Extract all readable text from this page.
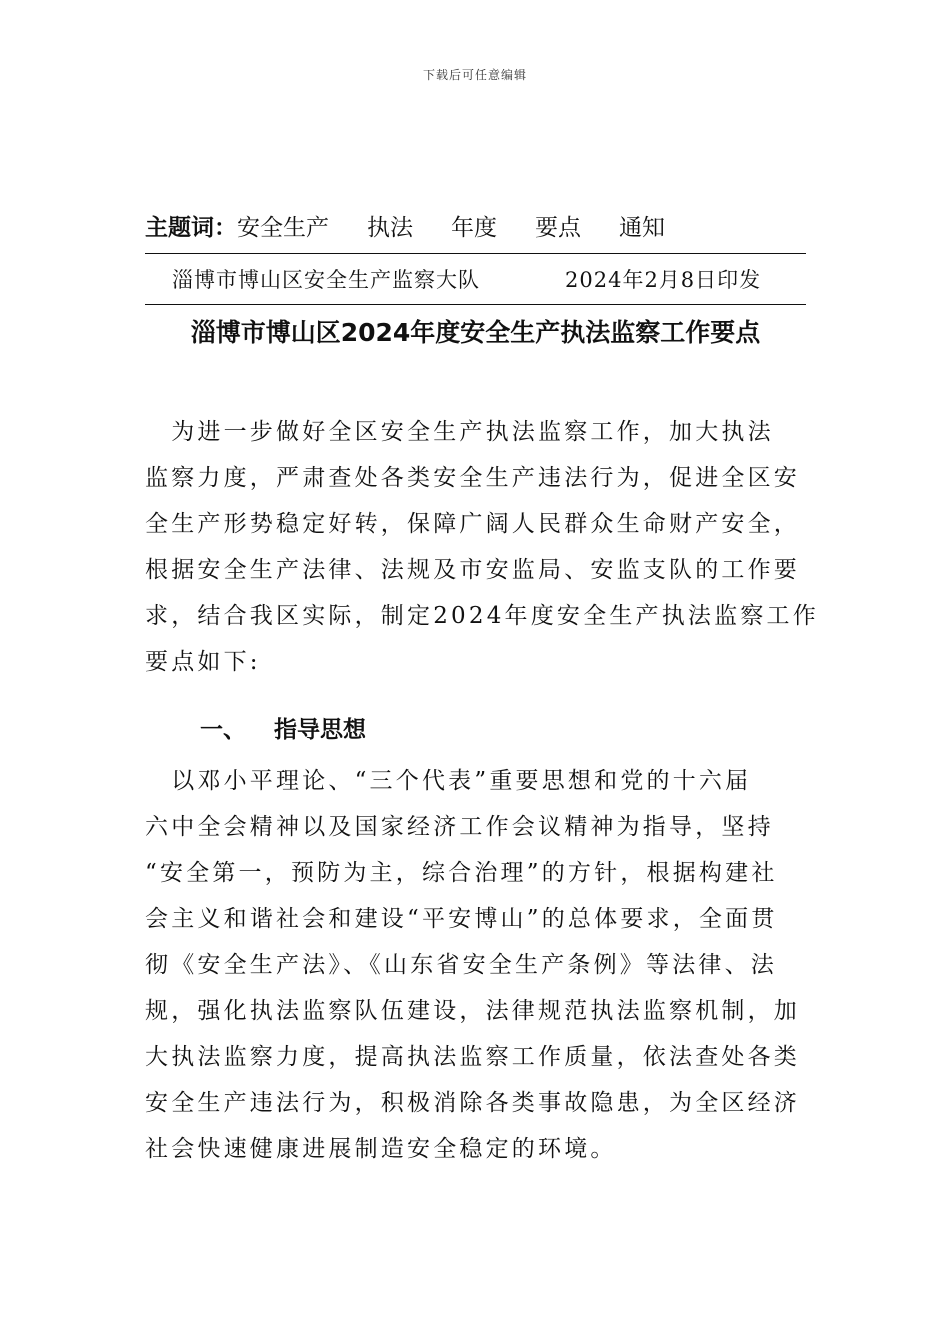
下载后可任意编辑
主题词：安全生产 执法 年度 要点 通知
淄博市博山区安全生产监察大队	2024年2月8日印发
淄博市博山区2024年度安全生产执法监察工作要点
　为进一步做好全区安全生产执法监察工作，加大执法
监察力度，严肃查处各类安全生产违法行为，促进全区安
全生产形势稳定好转，保障广阔人民群众生命财产安全，
根据安全生产法律、法规及市安监局、安监支队的工作要
求，结合我区实际，制定2024年度安全生产执法监察工作
要点如下:
一、 指导思想
　以邓小平理论、“三个代表”重要思想和党的十六届
六中全会精神以及国家经济工作会议精神为指导，坚持
“安全第一，预防为主，综合治理”的方针，根据构建社
会主义和谐社会和建设“平安博山”的总体要求，全面贯
彻《安全生产法》、《山东省安全生产条例》等法律、法
规，强化执法监察队伍建设，法律规范执法监察机制，加
大执法监察力度，提高执法监察工作质量，依法查处各类
安全生产违法行为，积极消除各类事故隐患，为全区经济
社会快速健康进展制造安全稳定的环境。
